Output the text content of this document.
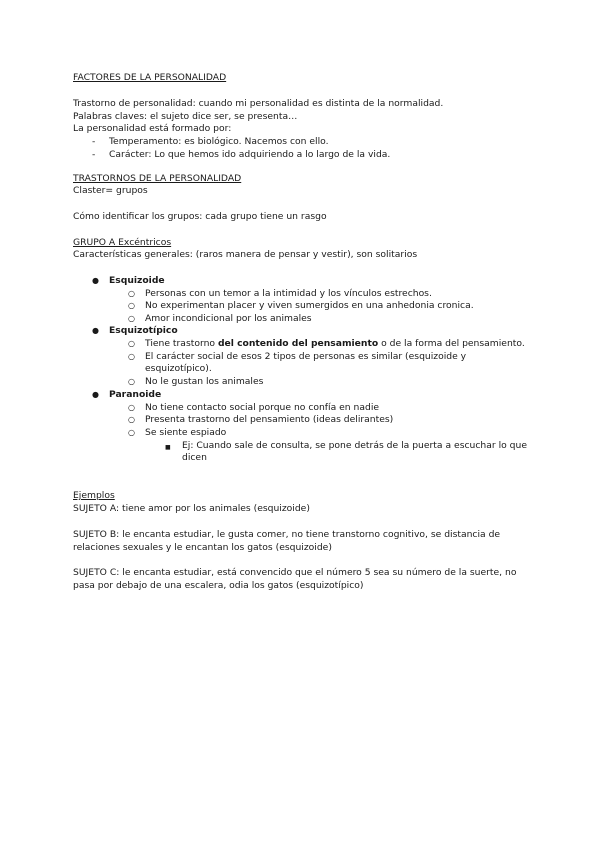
FACTORES DE LA PERSONALIDAD
Trastorno de personalidad: cuando mi personalidad es distinta de la normalidad.
Palabras claves: el sujeto dice ser, se presenta…
La personalidad está formado por:
- Temperamento: es biológico. Nacemos con ello.
- Carácter: Lo que hemos ido adquiriendo a lo largo de la vida.
TRASTORNOS DE LA PERSONALIDAD
Claster= grupos
Cómo identificar los grupos: cada grupo tiene un rasgo
GRUPO A Excéntricos
Características generales: (raros manera de pensar y vestir), son solitarios
● Esquizoide
○ Personas con un temor a la intimidad y los vínculos estrechos.
○ No experimentan placer y viven sumergidos en una anhedonia cronica.
○ Amor incondicional por los animales
● Esquizotípico
○ Tiene trastorno del contenido del pensamiento o de la forma del pensamiento.
○ El carácter social de esos 2 tipos de personas es similar (esquizoide y esquizotípico).
○ No le gustan los animales
● Paranoide
○ No tiene contacto social porque no confía en nadie
○ Presenta trastorno del pensamiento (ideas delirantes)
○ Se siente espiado
■ Ej: Cuando sale de consulta, se pone detrás de la puerta a escuchar lo que dicen
Ejemplos
SUJETO A: tiene amor por los animales (esquizoide)
SUJETO B: le encanta estudiar, le gusta comer, no tiene transtorno cognitivo, se distancia de relaciones sexuales y le encantan los gatos (esquizoide)
SUJETO C: le encanta estudiar, está convencido que el número 5 sea su número de la suerte, no pasa por debajo de una escalera, odia los gatos (esquizotípico)
